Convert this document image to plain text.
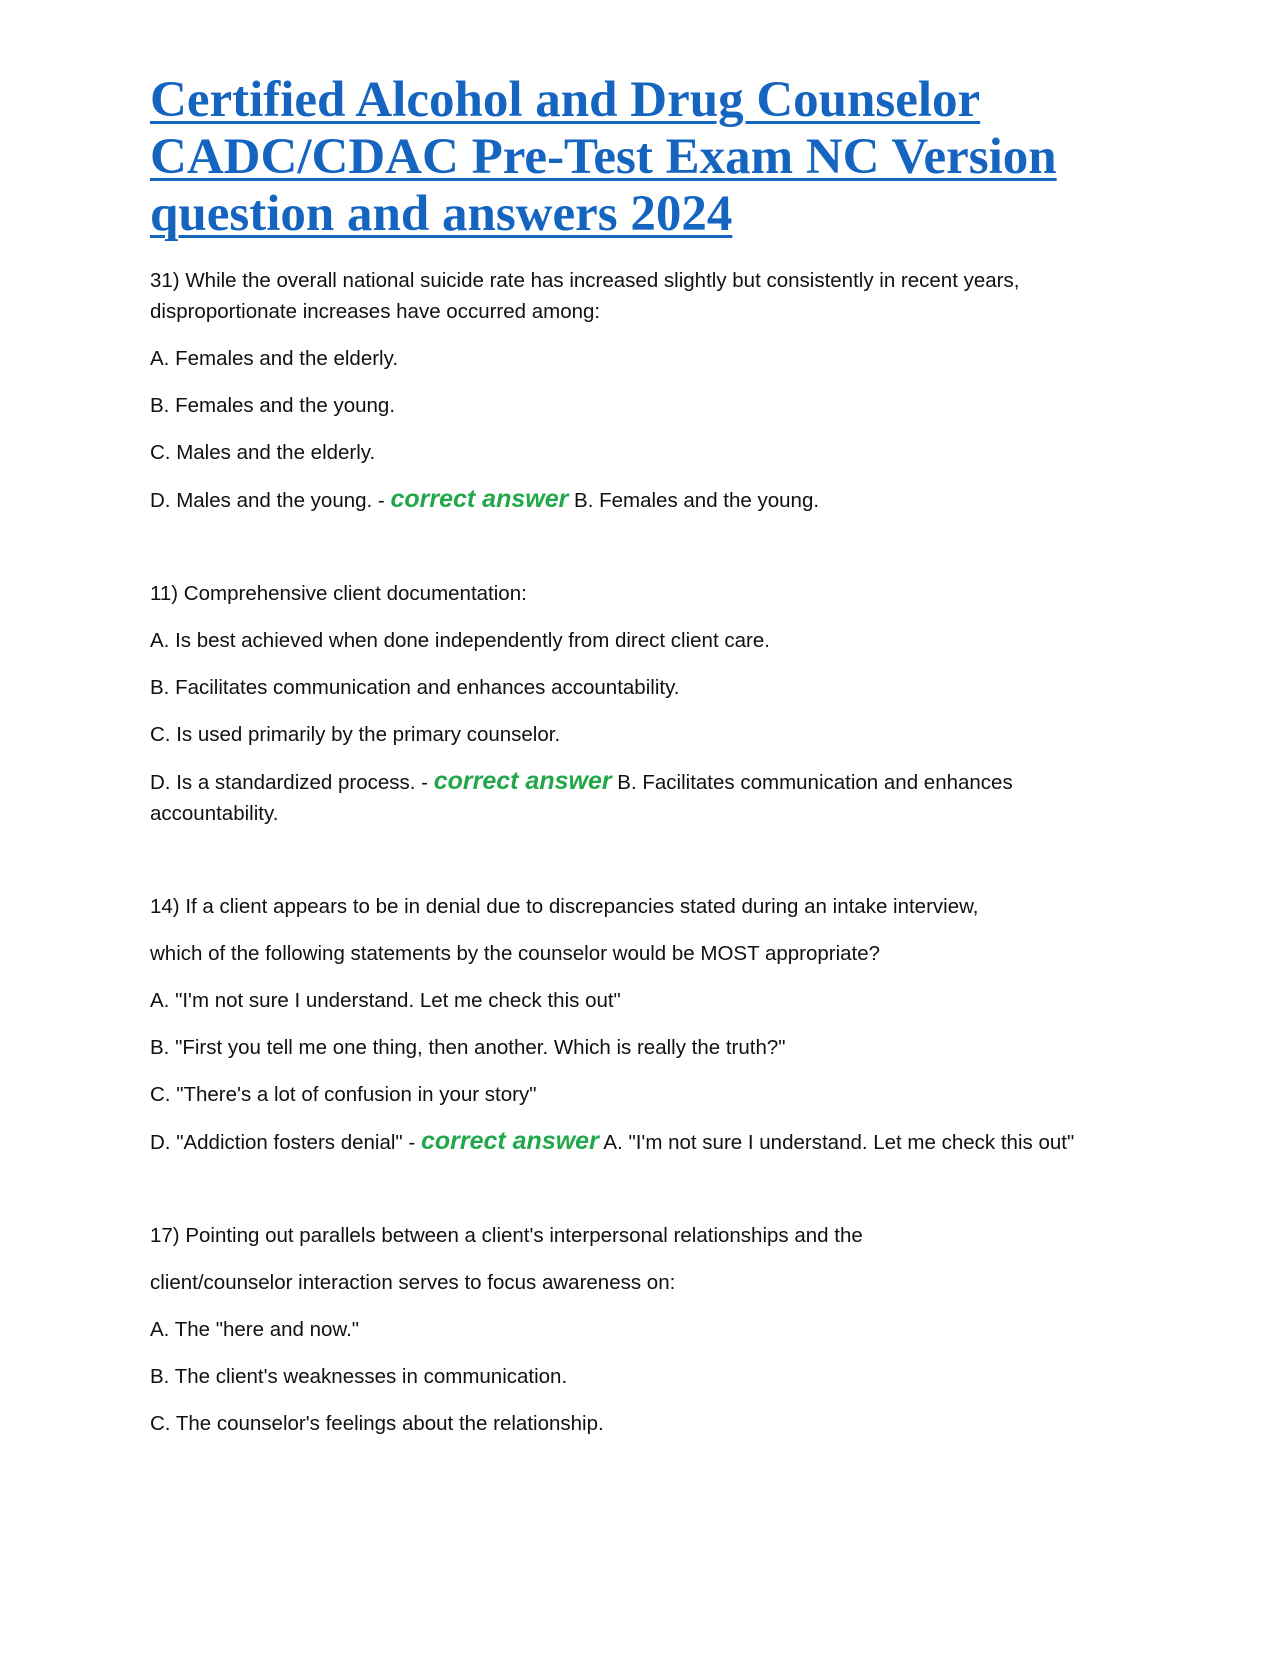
Certified Alcohol and Drug Counselor
CADC/CDAC Pre-Test Exam NC Version
question and answers 2024

31) While the overall national suicide rate has increased slightly but consistently in recent years,

disproportionate increases have occurred among:

A. Females and the elderly.

B. Females and the young.

C. Males and the elderly.

D. Males and the young. - correct answer B. Females and the young.

11) Comprehensive client documentation:

A. Is best achieved when done independently from direct client care.

B. Facilitates communication and enhances accountability.

C. Is used primarily by the primary counselor.

D. Is a standardized process. - correct answer B. Facilitates communication and enhances accountability.

14) If a client appears to be in denial due to discrepancies stated during an intake interview,

which of the following statements by the counselor would be MOST appropriate?

A. "I'm not sure I understand. Let me check this out"

B. "First you tell me one thing, then another. Which is really the truth?"

C. "There's a lot of confusion in your story"

D. "Addiction fosters denial" - correct answer A. "I'm not sure I understand. Let me check this out"

17) Pointing out parallels between a client's interpersonal relationships and the

client/counselor interaction serves to focus awareness on:

A. The "here and now."

B. The client's weaknesses in communication.

C. The counselor's feelings about the relationship.
